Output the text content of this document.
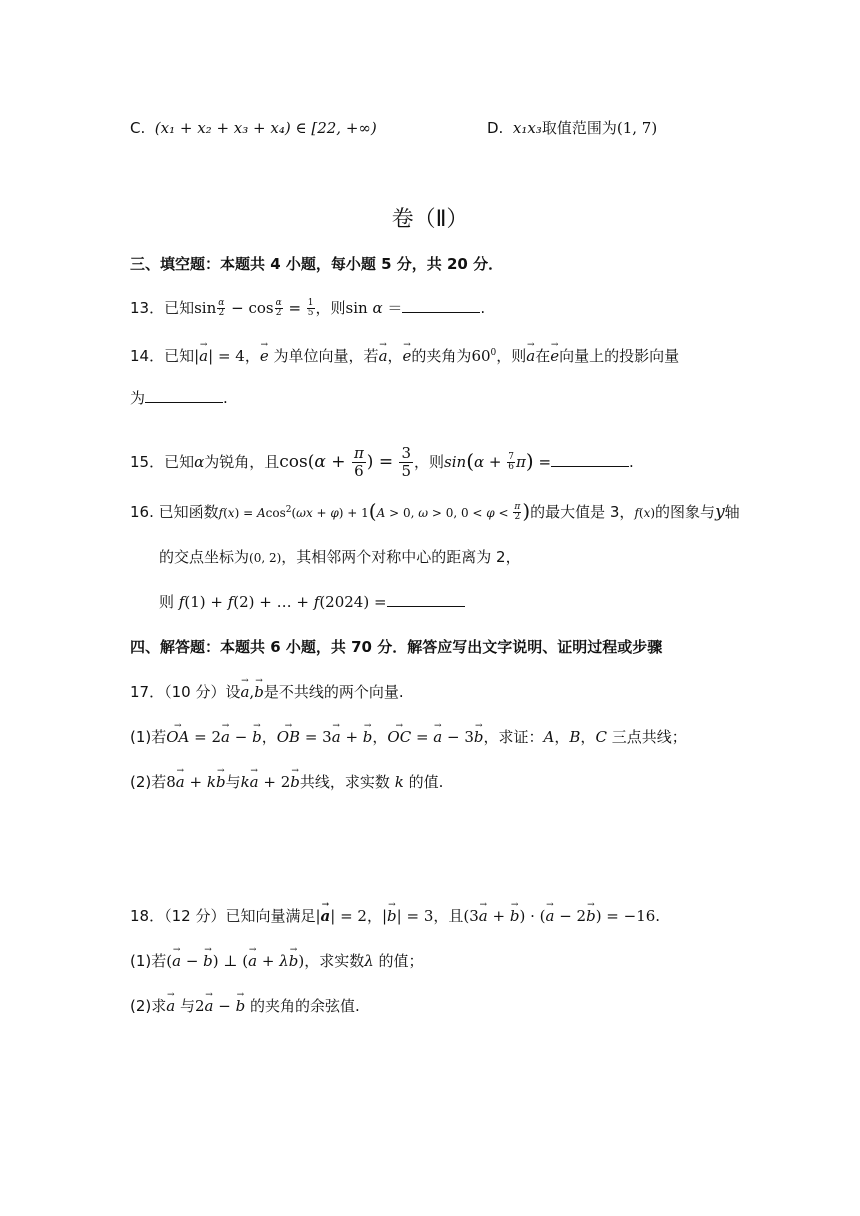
C. (x₁ + x₂ + x₃ + x₄) ∈ [22, +∞)	D. x₁x₃取值范围为(1, 7)
卷（Ⅱ）
三、填空题：本题共 4 小题，每小题 5 分，共 20 分．
13．已知$\sin \frac{\alpha}{2} - \cos \frac{\alpha}{2} = \frac{1}{5}$ ，则sin α ＝	.
14．已知|→ a| = 4，→ e 为单位向量，若→ a，→ e的夹角为$60^0$，则→ a在→ e向量上的投影向量
为	.
15．已知α为锐角，且$\cos(\alpha + \frac{\pi}{6}$ ) = $\frac{3}{5}$ ，则$\sin(\alpha + \frac{7}{6} \pi)$ =	.
16. 已知函数f(x) = Acos$^2$(ωx + φ) + 1(A > 0, ω > 0, $0 < \varphi < \frac{\pi}{2}$ )的最大值是 3，f(x)的图象与y轴
的交点坐标为(0, 2)，其相邻两个对称中心的距离为 2，
则 f(1) + f(2) + … + f(2024) =
四、解答题：本题共 6 小题，共 70 分．解答应写出文字说明、证明过程或步骤
17．（10 分）设→ a,→ b是不共线的两个向量.
(1)若→ OA = 2→ a − → b，→ OB = 3→ a + → b，→ OC = → a − 3→ b，求证：A，B，C 三点共线；
(2)若8→ a + k→ b与k→ a + 2→ b共线，求实数 k 的值.
18．（12 分）已知向量满足|→ a| = 2，|→ b| = 3，且(3→ a + → b) · (→ a − 2→ b) = −16.
(1)若(→ a − → b) ⊥ (→ a + λ→ b)，求实数λ 的值；
(2)求→ a 与2→ a − → b 的夹角的余弦值.
